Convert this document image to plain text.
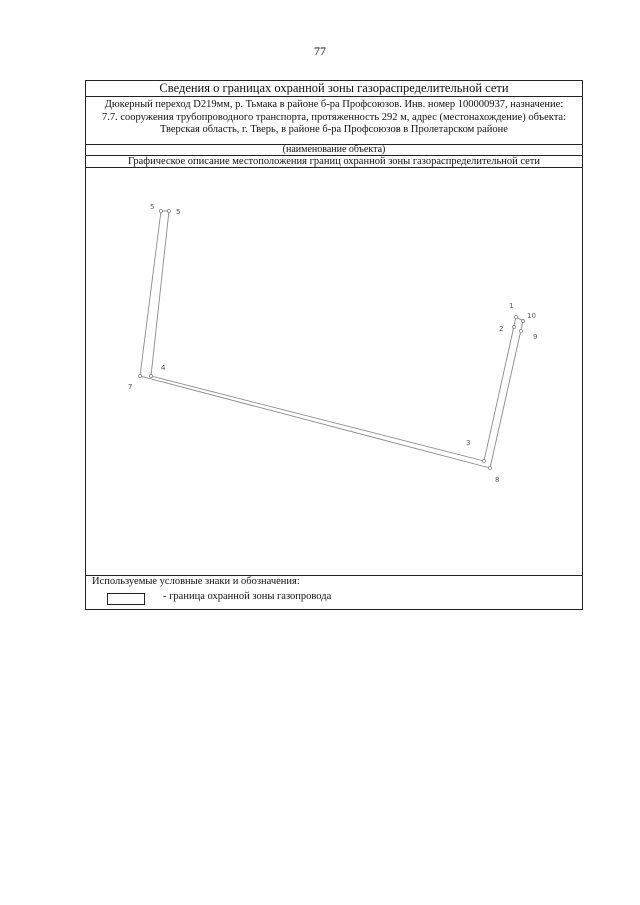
77
Сведения о границах охранной зоны газораспределительной сети
Дюкерный переход D219мм, р. Тьмака в районе б-ра Профсоюзов. Инв. номер 100000937, назначение:
7.7. сооружения трубопроводного транспорта, протяженность 292 м, адрес (местонахождение) объекта:
Тверская область, г. Тверь, в районе б-ра Профсоюзов в Пролетарском районе
(наименование объекта)
Графическое описание местоположения границ охранной зоны газораспределительной сети
5
5
4
7
3
8
1
10
2
9
Используемые условные знаки и обозначения:
- граница охранной зоны газопровода
